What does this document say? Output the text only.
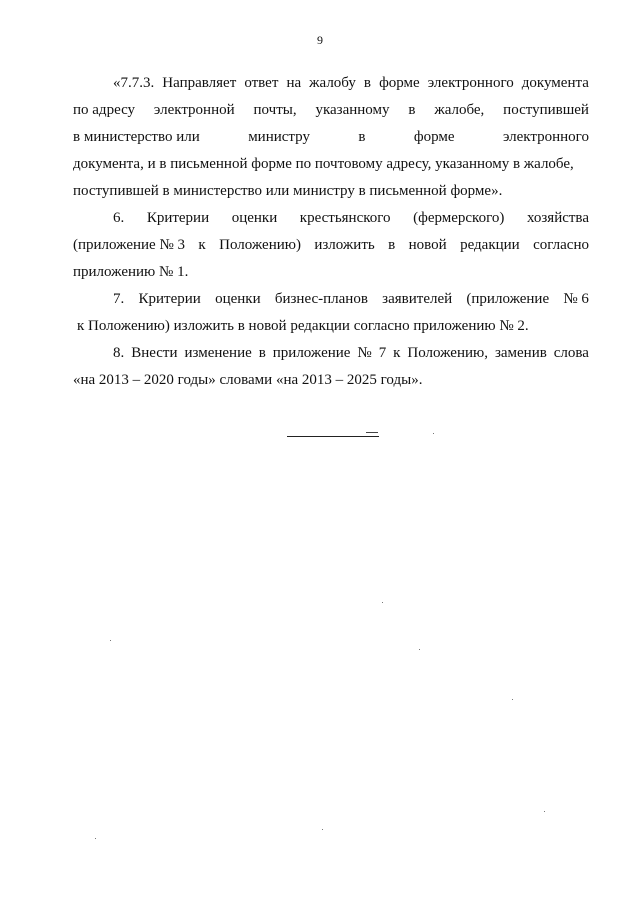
9
«7.7.3. Направляет ответ на жалобу в форме электронного документа
по адресу электронной почты, указанному в жалобе, поступившей
в министерство или	министру	в	форме	электронного
документа, и в письменной форме по почтовому адресу, указанному в жалобе,
поступившей в министерство или министру в письменной форме».
6. Критерии оценки крестьянского (фермерского) хозяйства
(приложение № 3 к Положению) изложить в новой редакции согласно
приложению № 1.
7. Критерии оценки бизнес-планов заявителей (приложение № 6
к Положению) изложить в новой редакции согласно приложению № 2.
8. Внести изменение в приложение № 7 к Положению, заменив слова
«на 2013 – 2020 годы» словами «на 2013 – 2025 годы».
